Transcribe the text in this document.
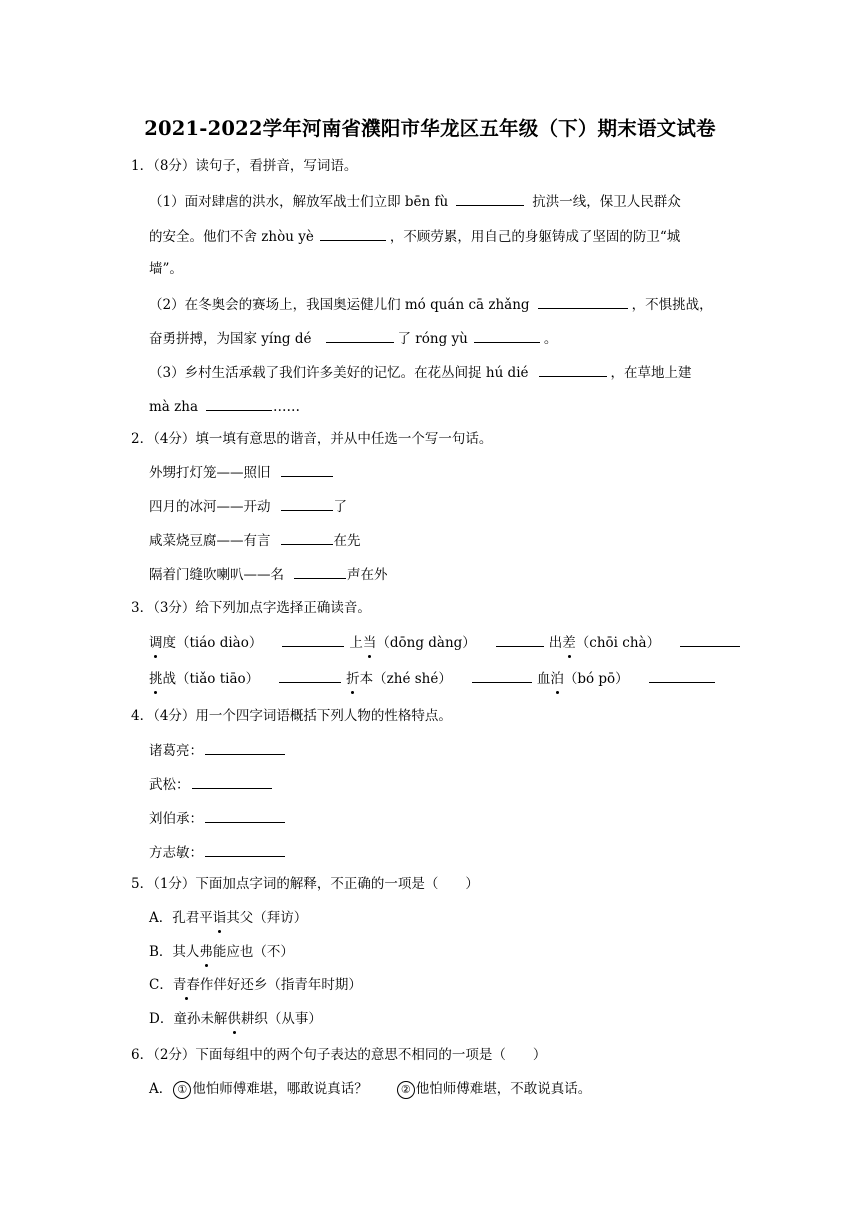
2021-2022学年河南省濮阳市华龙区五年级（下）期末语文试卷
1．（8分）读句子，看拼音，写词语。
（1）面对肆虐的洪水，解放军战士们立即 bēn fù	抗洪一线，保卫人民群众
的安全。他们不舍 zhòu yè	，不顾劳累，用自己的身躯铸成了坚固的防卫“城
墙”。
（2）在冬奥会的赛场上，我国奥运健儿们 mó quán cā zhǎng	，不惧挑战，
奋勇拼搏，为国家 yíng dé	了 róng yù	。
（3）乡村生活承载了我们许多美好的记忆。在花丛间捉 hú dié	，在草地上建
mà zha	……
2．（4分）填一填有意思的谐音，并从中任选一个写一句话。
外甥打灯笼——照旧
四月的冰河——开动	了
咸菜烧豆腐——有言	在先
隔着门缝吹喇叭——名	声在外
3．（3分）给下列加点字选择正确读音。
调度（tiáo diào）	上当（dōng dàng）	出差（chōi chà）
挑战（tiǎo tiāo）	折本（zhé shé）	血泊（bó pō）
4．（4分）用一个四字词语概括下列人物的性格特点。
诸葛亮：
武松：
刘伯承：
方志敏：
5．（1分）下面加点字词的解释，不正确的一项是（　　）
A．孔君平诣其父（拜访）
B．其人弗能应也（不）
C．青春作伴好还乡（指青年时期）
D．童孙未解供耕织（从事）
6．（2分）下面每组中的两个句子表达的意思不相同的一项是（　　）
A． ① 他怕师傅难堪，哪敢说真话？	② 他怕师傅难堪，不敢说真话。
